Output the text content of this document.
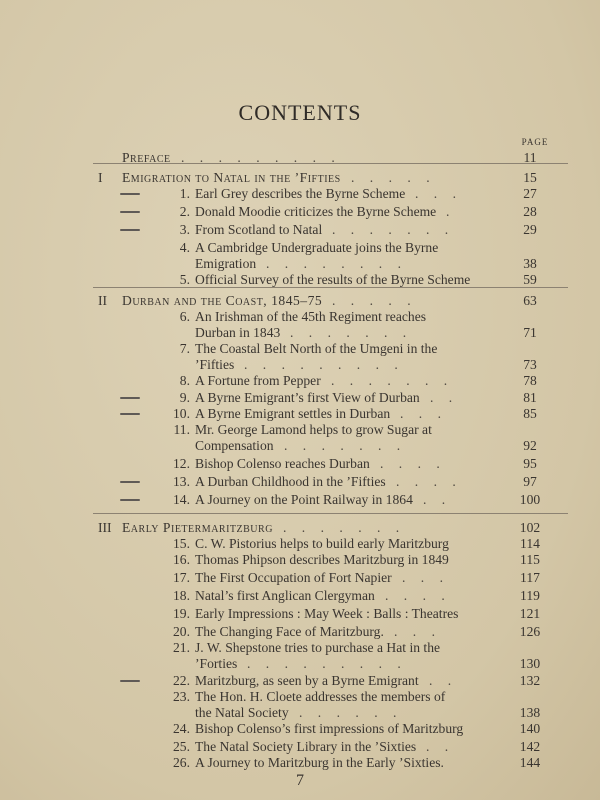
CONTENTS
PAGE
Preface . . . . . . . . .	11
I Emigration to Natal in the ’Fifties . . . . .	15
1. Earl Grey describes the Byrne Scheme . . .	27
2. Donald Moodie criticizes the Byrne Scheme .	28
3. From Scotland to Natal . . . . . . .	29
4. A Cambridge Undergraduate joins the Byrne
Emigration . . . . . . . .	38
5. Official Survey of the results of the Byrne Scheme	59
II Durban and the Coast, 1845–75 . . . . .	63
6. An Irishman of the 45th Regiment reaches
Durban in 1843 . . . . . . .	71
7. The Coastal Belt North of the Umgeni in the
’Fifties . . . . . . . . .	73
8. A Fortune from Pepper . . . . . . .	78
9. A Byrne Emigrant’s first View of Durban . .	81
10. A Byrne Emigrant settles in Durban . . .	85
11. Mr. George Lamond helps to grow Sugar at
Compensation . . . . . . .	92
12. Bishop Colenso reaches Durban . . . .	95
13. A Durban Childhood in the ’Fifties . . . .	97
14. A Journey on the Point Railway in 1864 . .	100
III Early Pietermaritzburg . . . . . . .	102
15. C. W. Pistorius helps to build early Maritzburg	114
16. Thomas Phipson describes Maritzburg in 1849	115
17. The First Occupation of Fort Napier . . .	117
18. Natal’s first Anglican Clergyman . . . .	119
19. Early Impressions : May Week : Balls : Theatres	121
20. The Changing Face of Maritzburg. . . .	126
21. J. W. Shepstone tries to purchase a Hat in the
’Forties . . . . . . . . .	130
22. Maritzburg, as seen by a Byrne Emigrant . .	132
23. The Hon. H. Cloete addresses the members of
the Natal Society . . . . . .	138
24. Bishop Colenso’s first impressions of Maritzburg	140
25. The Natal Society Library in the ’Sixties . .	142
26. A Journey to Maritzburg in the Early ’Sixties.	144
7
